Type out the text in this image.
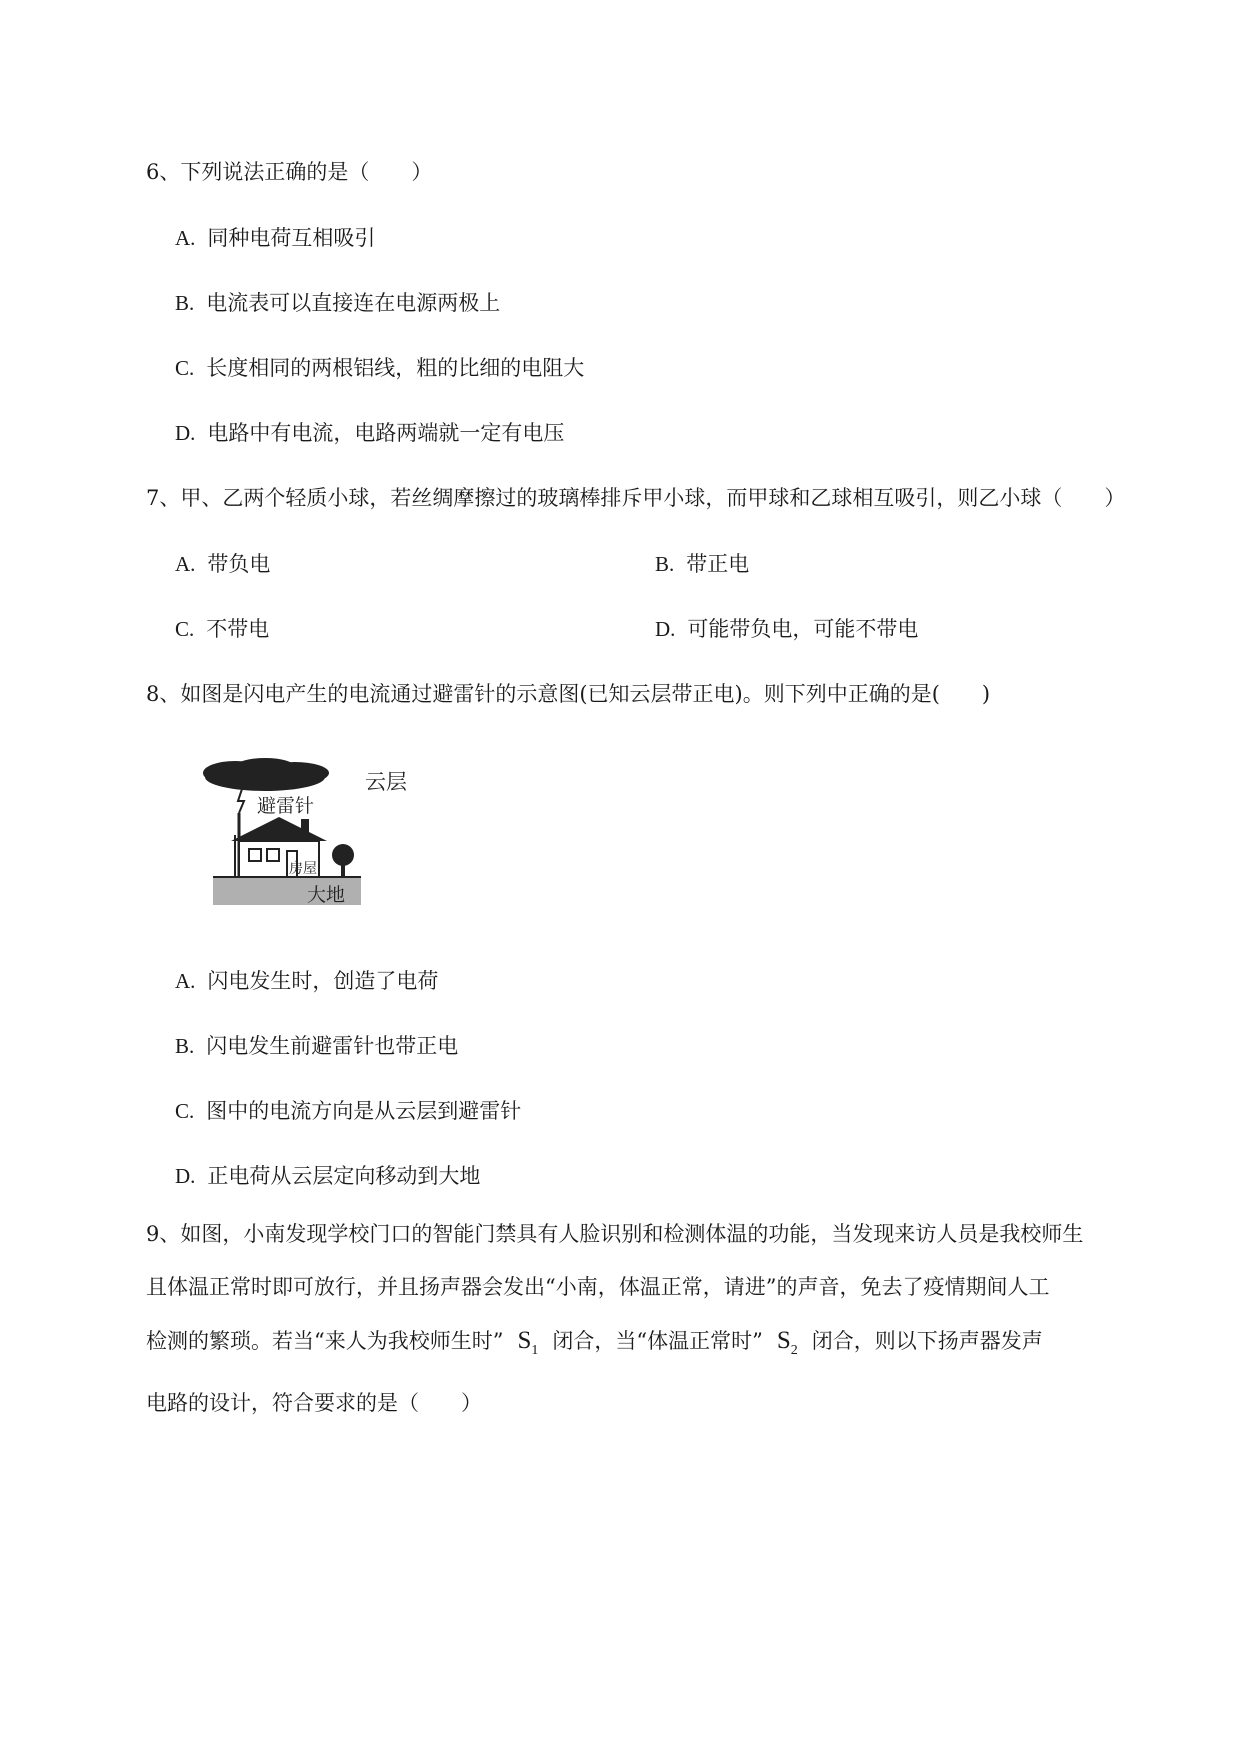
6、下列说法正确的是（　　）
A. 同种电荷互相吸引
B. 电流表可以直接连在电源两极上
C. 长度相同的两根铝线，粗的比细的电阻大
D. 电路中有电流，电路两端就一定有电压
7、甲、乙两个轻质小球，若丝绸摩擦过的玻璃棒排斥甲小球，而甲球和乙球相互吸引，则乙小球（　　）
A. 带负电	B. 带正电
C. 不带电	D. 可能带负电，可能不带电
8、如图是闪电产生的电流通过避雷针的示意图(已知云层带正电)。则下列中正确的是(　　)
云层
避雷针
房屋
大地
A. 闪电发生时，创造了电荷
B. 闪电发生前避雷针也带正电
C. 图中的电流方向是从云层到避雷针
D. 正电荷从云层定向移动到大地
9、如图，小南发现学校门口的智能门禁具有人脸识别和检测体温的功能，当发现来访人员是我校师生
且体温正常时即可放行，并且扬声器会发出“小南，体温正常，请进”的声音，免去了疫情期间人工
检测的繁琐。若当“来人为我校师生时” $S_1$ 闭合，当“体温正常时” $S_2$ 闭合，则以下扬声器发声
电路的设计，符合要求的是（　　）
